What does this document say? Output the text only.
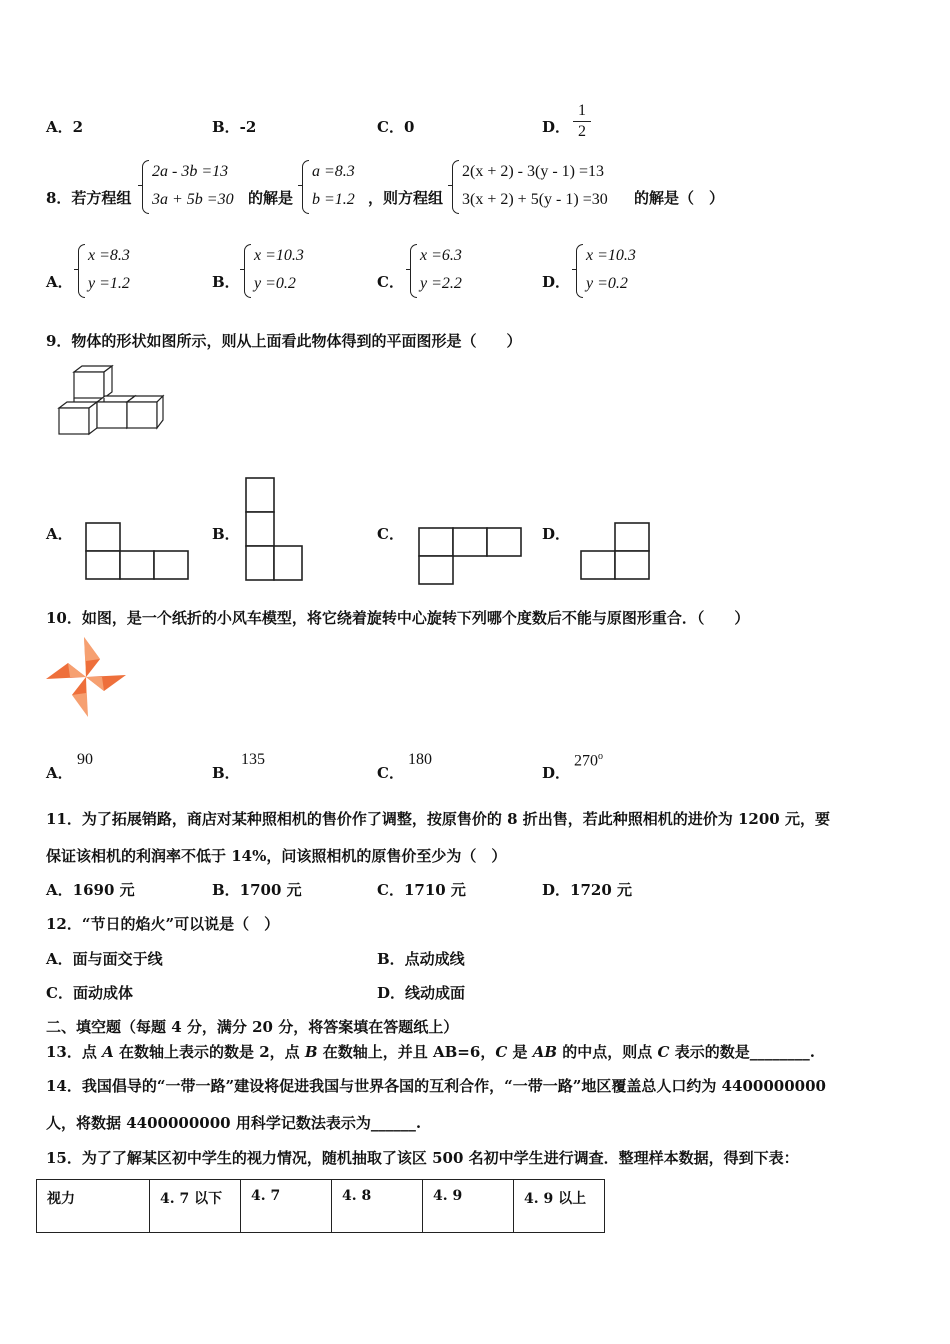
A．2	B．-2	C．0	D．
1
2
8．若方程组
2a - 3b =13
3a + 5b =30 的解是
a =8.3
b =1.2 ，则方程组
2(x + 2) - 3(y - 1) =13
3(x + 2) + 5(y - 1) =30 的解是（　）
A．
x =8.3
y =1.2	B．
x =10.3
y =0.2	C．
x =6.3
y =2.2	D．
x =10.3
y =0.2
9．物体的形状如图所示，则从上面看此物体得到的平面图形是（　　）
A．	B．	C．	D．
10．如图，是一个纸折的小风车模型，将它绕着旋转中心旋转下列哪个度数后不能与原图形重合．（　　）
A．
90
B．
135
C．
180
D．
270$^o$
11．为了拓展销路，商店对某种照相机的售价作了调整，按原售价的 8 折出售，若此种照相机的进价为 1200 元，要
保证该相机的利润率不低于 14%，问该照相机的原售价至少为（　）
A．1690 元	B．1700 元	C．1710 元	D．1720 元
12．“节日的焰火”可以说是（　）
A．面与面交于线	B．点动成线
C．面动成体	D．线动成面
二、填空题（每题 4 分，满分 20 分，将答案填在答题纸上）
13．点 A 在数轴上表示的数是 2，点 B 在数轴上，并且 AB=6，C 是 AB 的中点，则点 C 表示的数是________.
14．我国倡导的“一带一路”建设将促进我国与世界各国的互利合作，“一带一路”地区覆盖总人口约为 4400000000
人，将数据 4400000000 用科学记数法表示为______.
15．为了了解某区初中学生的视力情况，随机抽取了该区 500 名初中学生进行调查．整理样本数据，得到下表：
视力	4. 7 以下	4. 7	4. 8	4. 9	4. 9 以上
